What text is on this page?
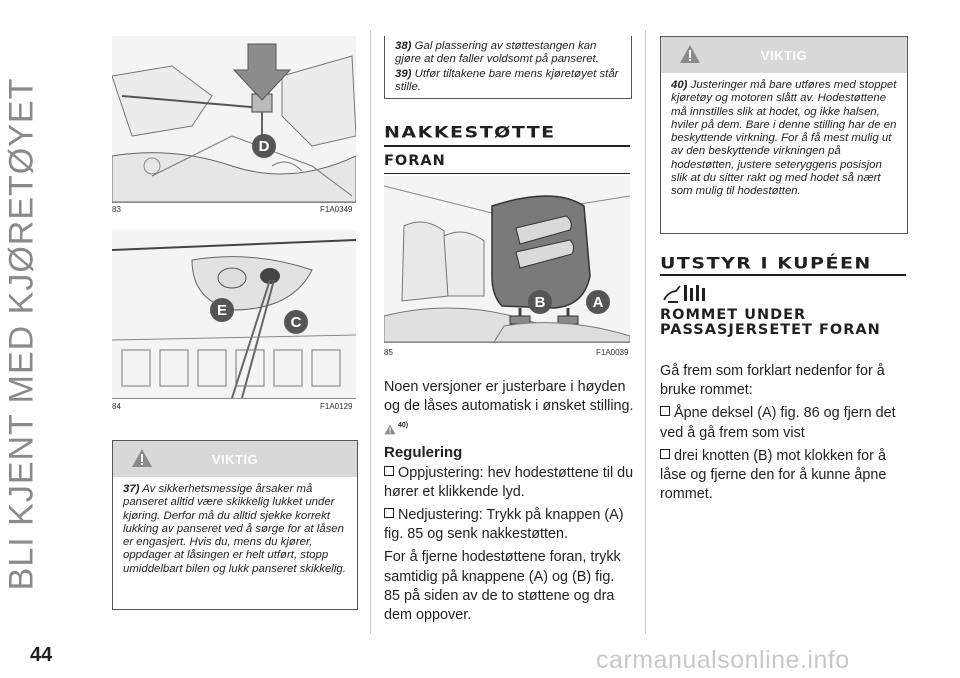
BLI KJENT MED KJØRETØYET
44	carmanualsonline.info
D
83	F1A0349
E
C
84	F1A0129
VIKTIG

37) Av sikkerhetsmessige årsaker må panseret alltid være skikkelig lukket under kjøring. Derfor må du alltid sjekke korrekt lukking av panseret ved å sørge for at låsen er engasjert. Hvis du, mens du kjører, oppdager at låsingen er helt utført, stopp umiddelbart bilen og lukk panseret skikkelig.

38) Gal plassering av støttestangen kan gjøre at den faller voldsomt på panseret.

39) Utfør tiltakene bare mens kjøretøyet står stille.

NAKKESTØTTE
FORAN
B	A
85	F1A0039

Noen versjoner er justerbare i høyden og de låses automatisk i ønsket stilling.
$^{40)}$

Regulering

Oppjustering: hev hodestøttene til du hører et klikkende lyd.

Nedjustering: Trykk på knappen (A) fig. 85 og senk nakkestøtten.

For å fjerne hodestøttene foran, trykk samtidig på knappene (A) og (B) fig. 85 på siden av de to støttene og dra dem oppover.

VIKTIG

40) Justeringer må bare utføres med stoppet kjøretøy og motoren slått av. Hodestøttene må innstilles slik at hodet, og ikke halsen, hviler på dem. Bare i denne stilling har de en beskyttende virkning. For å få mest mulig ut av den beskyttende virkningen på hodestøtten, justere seteryggens posisjon slik at du sitter rakt og med hodet så nært som mulig til hodestøtten.

UTSTYR I KUPÉEN
ROMMET UNDER PASSASJERSETET FORAN

Gå frem som forklart nedenfor for å bruke rommet:

Åpne deksel (A) fig. 86 og fjern det ved å gå frem som vist

drei knotten (B) mot klokken for å låse og fjerne den for å kunne åpne rommet.
